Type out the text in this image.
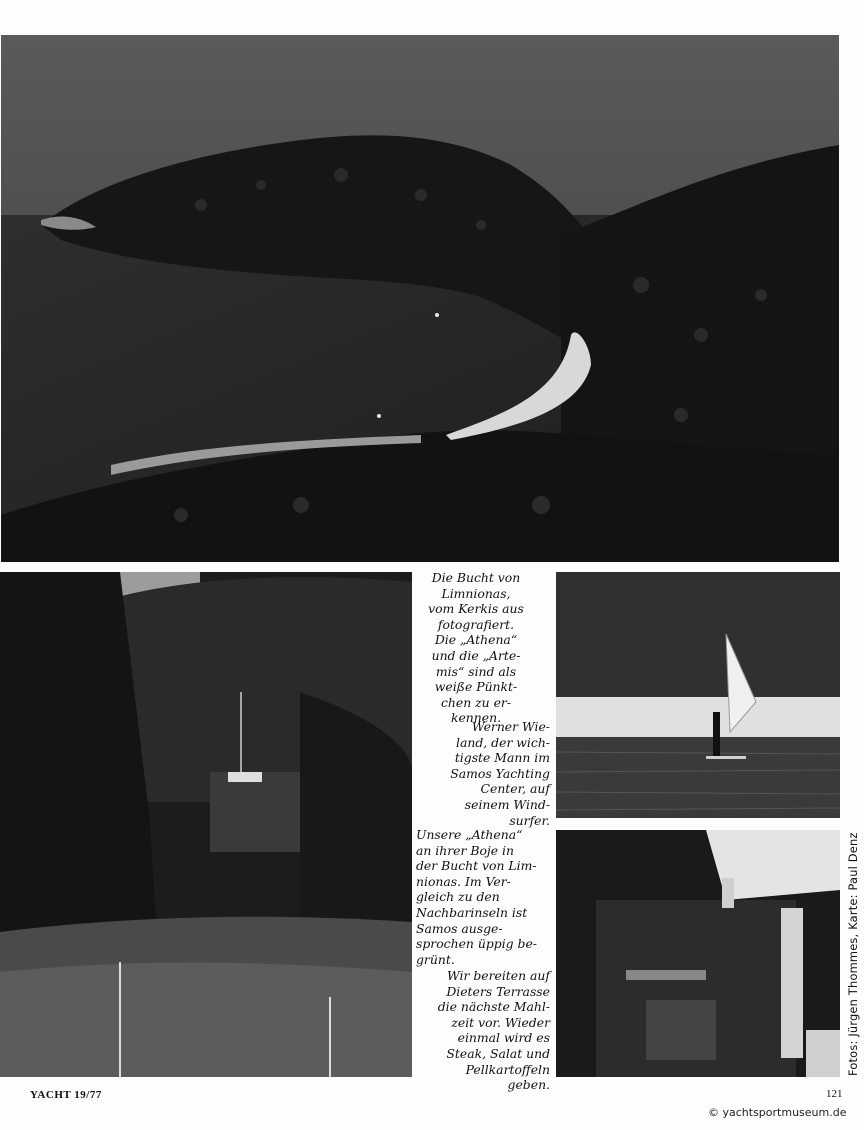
Die Bucht von
Limnionas,
vom Kerkis aus
fotografiert.
Die „Athena“
und die „Arte-
mis“ sind als
weiße Pünkt-
chen zu er-
kennen.
Werner Wie-
land, der wich-
tigste Mann im
Samos Yachting
Center, auf
seinem Wind-
surfer.
Unsere „Athena“
an ihrer Boje in
der Bucht von Lim-
nionas. Im Ver-
gleich zu den
Nachbarinseln ist
Samos ausge-
sprochen üppig be-
grünt.
Wir bereiten auf
Dieters Terrasse
die nächste Mahl-
zeit vor. Wieder
einmal wird es
Steak, Salat und
Pellkartoffeln
geben.
Fotos: Jürgen Thommes, Karte: Paul Denz
YACHT 19/77	121
© yachtsportmuseum.de
